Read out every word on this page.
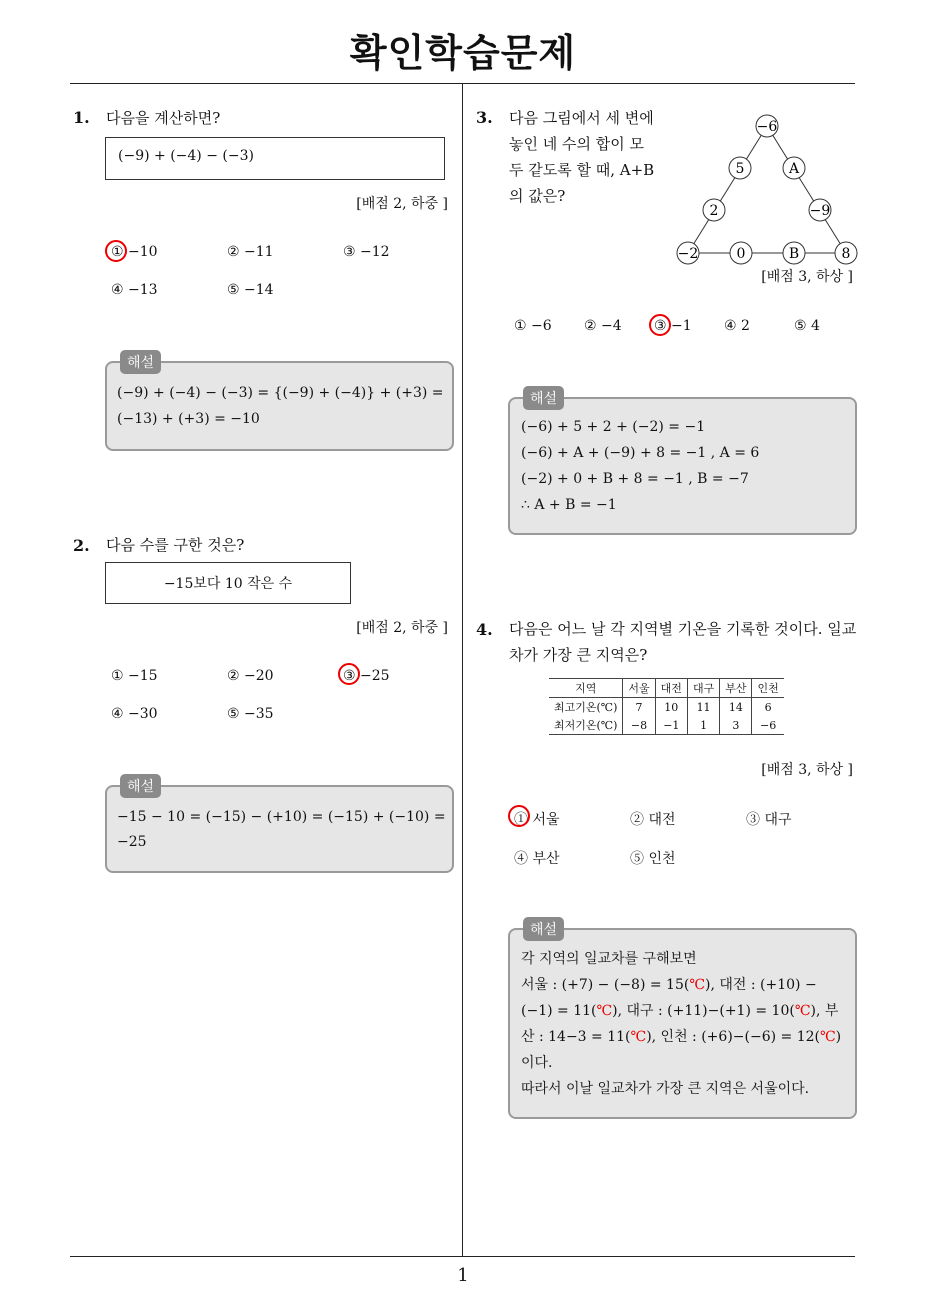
확인학습문제
1
1. 다음을 계산하면?
(−9) + (−4) − (−3)
[배점 2, 하중 ]
① −10	② −11	③ −12
④ −13	⑤ −14
해설
(−9) + (−4) − (−3) = {(−9) + (−4)} + (+3) =
(−13) + (+3) = −10
2. 다음 수를 구한 것은?
−15보다 10 작은 수
[배점 2, 하중 ]
① −15	② −20	③ −25
④ −30	⑤ −35
해설
−15 − 10 = (−15) − (+10) = (−15) + (−10) =
−25
3. 다음 그림에서 세 변에
놓인 네 수의 합이 모
두 같도록 할 때, A+B
의 값은?
−6
5	A
2	−9
−2	0	B	8
[배점 3, 하상 ]
① −6 ② −4 ③ −1 ④ 2	⑤ 4
해설
(−6) + 5 + 2 + (−2) = −1
(−6) + A + (−9) + 8 = −1 , A = 6
(−2) + 0 + B + 8 = −1 , B = −7
∴ A + B = −1
4. 다음은 어느 날 각 지역별 기온을 기록한 것이다. 일교
차가 가장 큰 지역은?
지역	서울	대전	대구	부산	인천
최고기온(℃)	7	10	11	14	6
최저기온(℃)	−8	−1	1	3	−6
[배점 3, 하상 ]
① 서울	② 대전	③ 대구
④ 부산	⑤ 인천
해설
각 지역의 일교차를 구해보면
서울 : (+7) − (−8) = 15(℃), 대전 : (+10) −
(−1) = 11(℃), 대구 : (+11)−(+1) = 10(℃), 부
산 : 14−3 = 11(℃), 인천 : (+6)−(−6) = 12(℃)
이다.
따라서 이날 일교차가 가장 큰 지역은 서울이다.
